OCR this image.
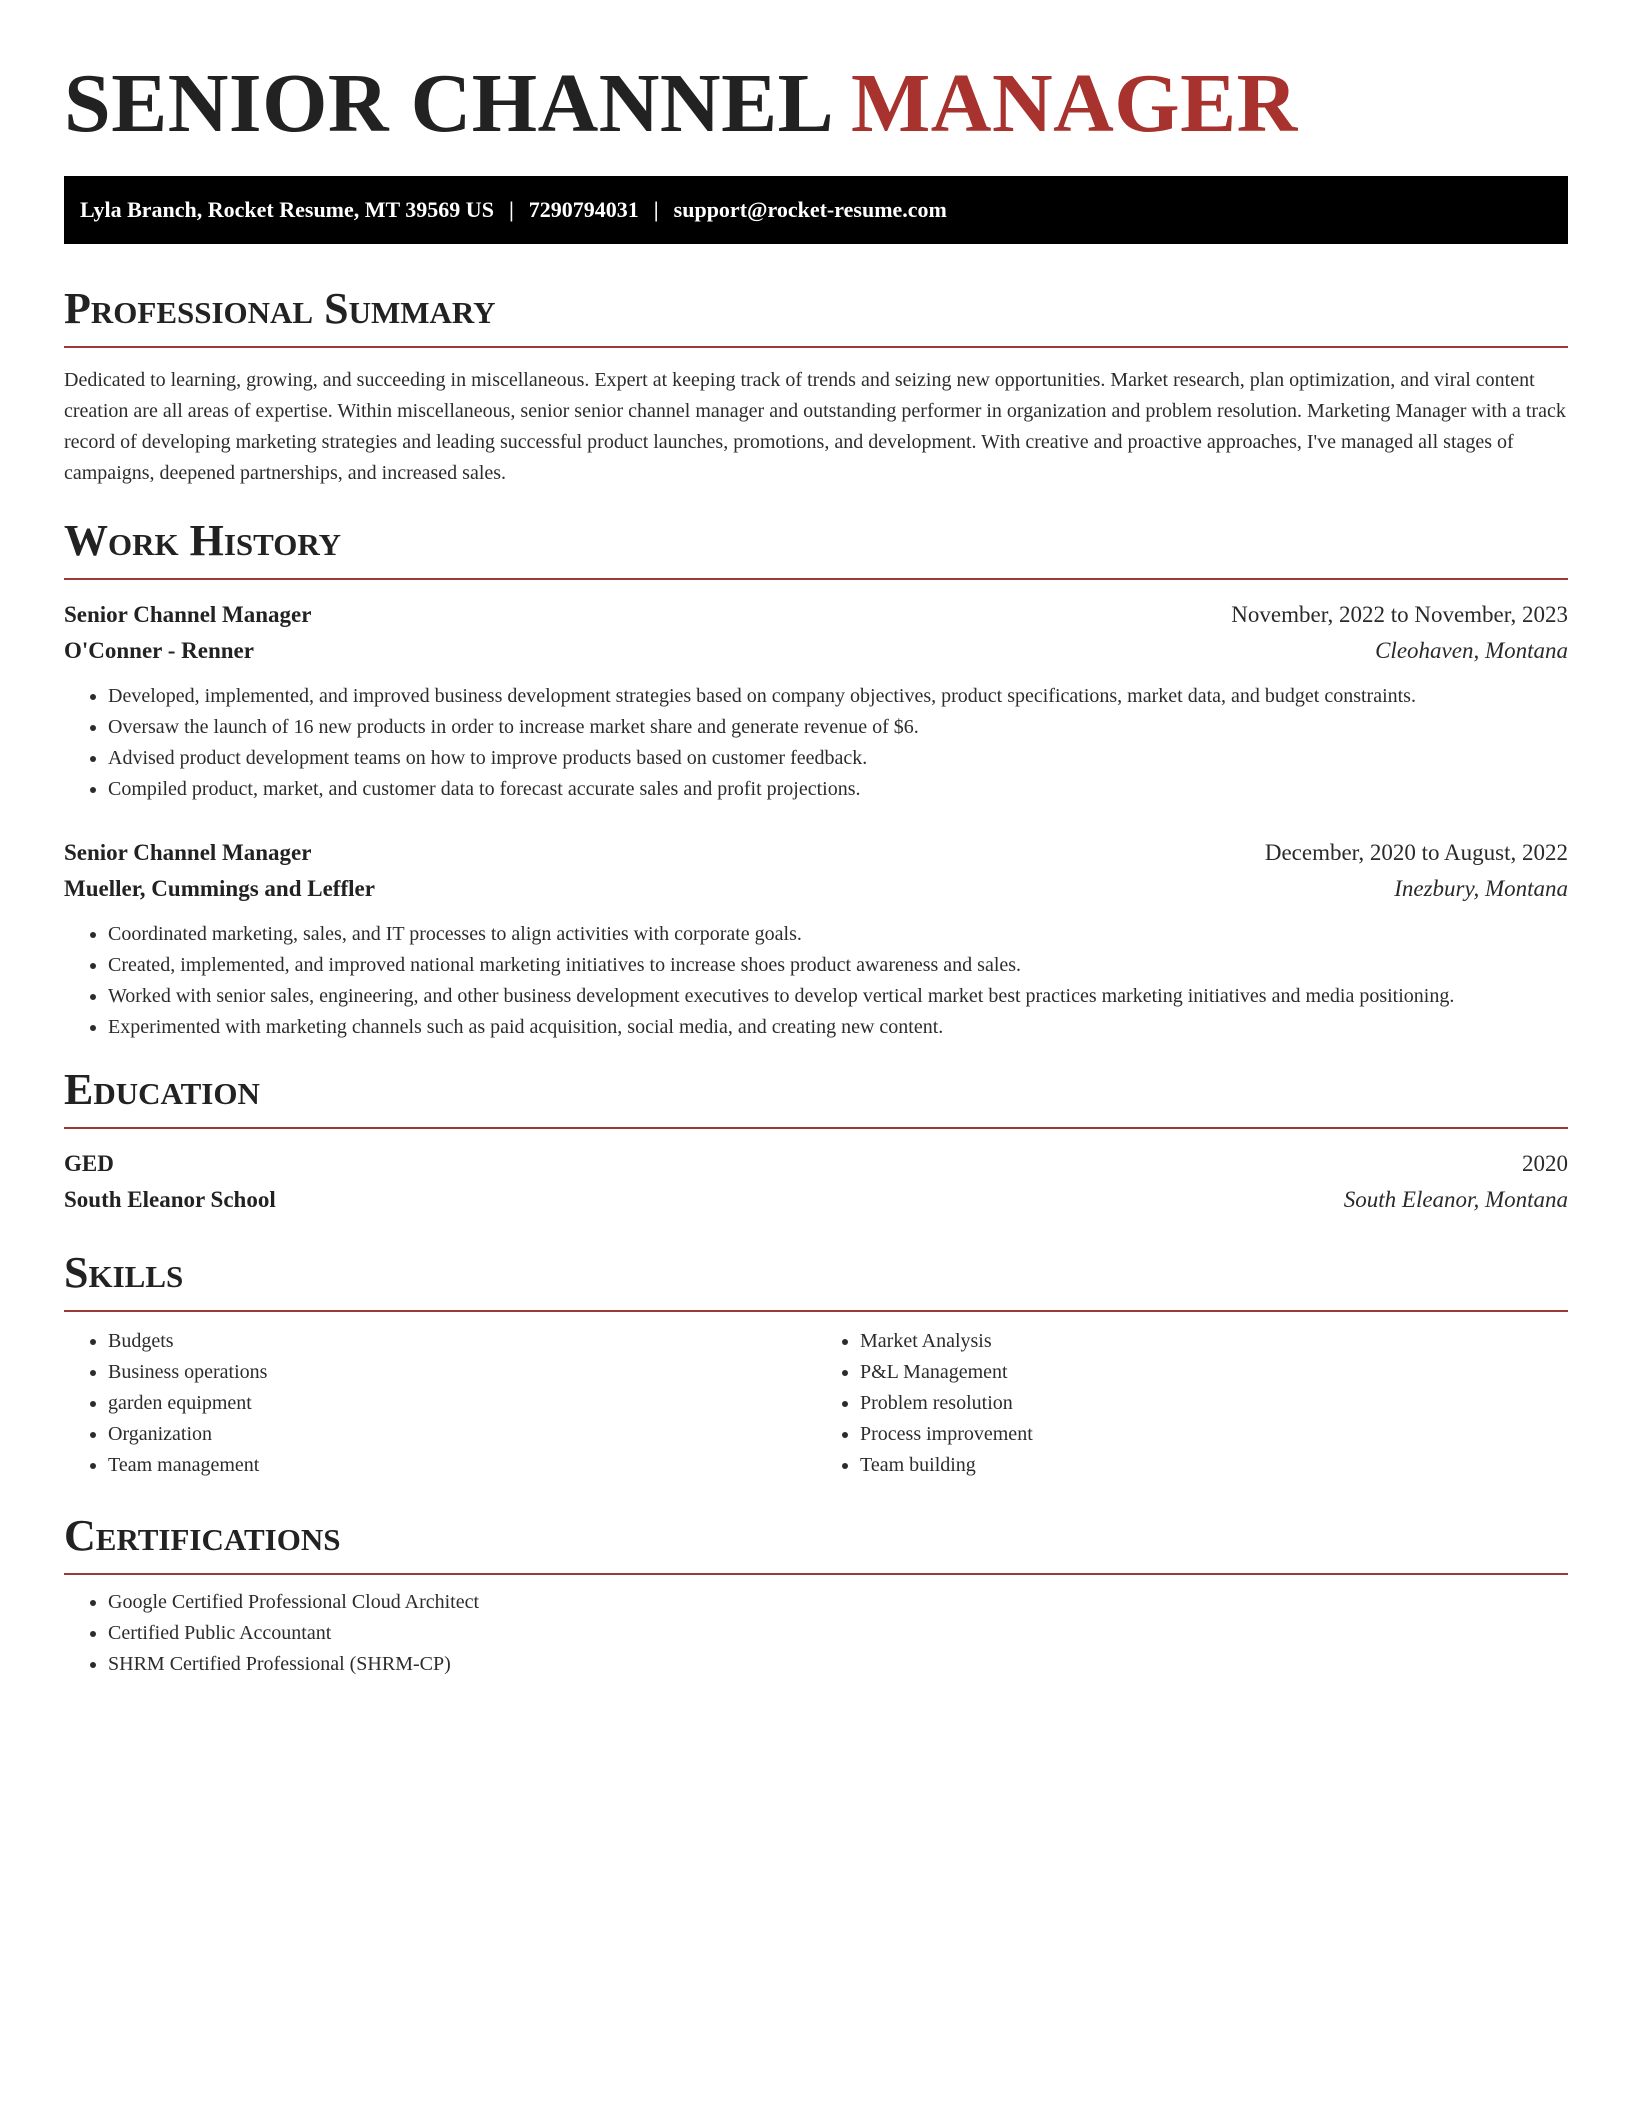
SENIOR CHANNEL MANAGER
Lyla Branch, Rocket Resume, MT 39569 US | 7290794031 | support@rocket-resume.com
Professional Summary

Dedicated to learning, growing, and succeeding in miscellaneous. Expert at keeping track of trends and seizing new opportunities. Market research, plan optimization, and viral content creation are all areas of expertise. Within miscellaneous, senior senior channel manager and outstanding performer in organization and problem resolution. Marketing Manager with a track record of developing marketing strategies and leading successful product launches, promotions, and development. With creative and proactive approaches, I've managed all stages of campaigns, deepened partnerships, and increased sales.

Work History
Senior Channel Manager	November, 2022 to November, 2023
O'Conner - Renner	Cleohaven, Montana
• Developed, implemented, and improved business development strategies based on company objectives, product specifications, market data, and budget constraints.
• Oversaw the launch of 16 new products in order to increase market share and generate revenue of $6.
• Advised product development teams on how to improve products based on customer feedback.
• Compiled product, market, and customer data to forecast accurate sales and profit projections.
Senior Channel Manager	December, 2020 to August, 2022
Mueller, Cummings and Leffler	Inezbury, Montana
• Coordinated marketing, sales, and IT processes to align activities with corporate goals.
• Created, implemented, and improved national marketing initiatives to increase shoes product awareness and sales.
• Worked with senior sales, engineering, and other business development executives to develop vertical market best practices marketing initiatives and media positioning.
• Experimented with marketing channels such as paid acquisition, social media, and creating new content.
Education
GED	2020
South Eleanor School	South Eleanor, Montana
Skills
• Budgets
• Business operations
• garden equipment
• Organization
• Team management
• Market Analysis
• P&L Management
• Problem resolution
• Process improvement
• Team building
Certifications
• Google Certified Professional Cloud Architect
• Certified Public Accountant
• SHRM Certified Professional (SHRM-CP)
